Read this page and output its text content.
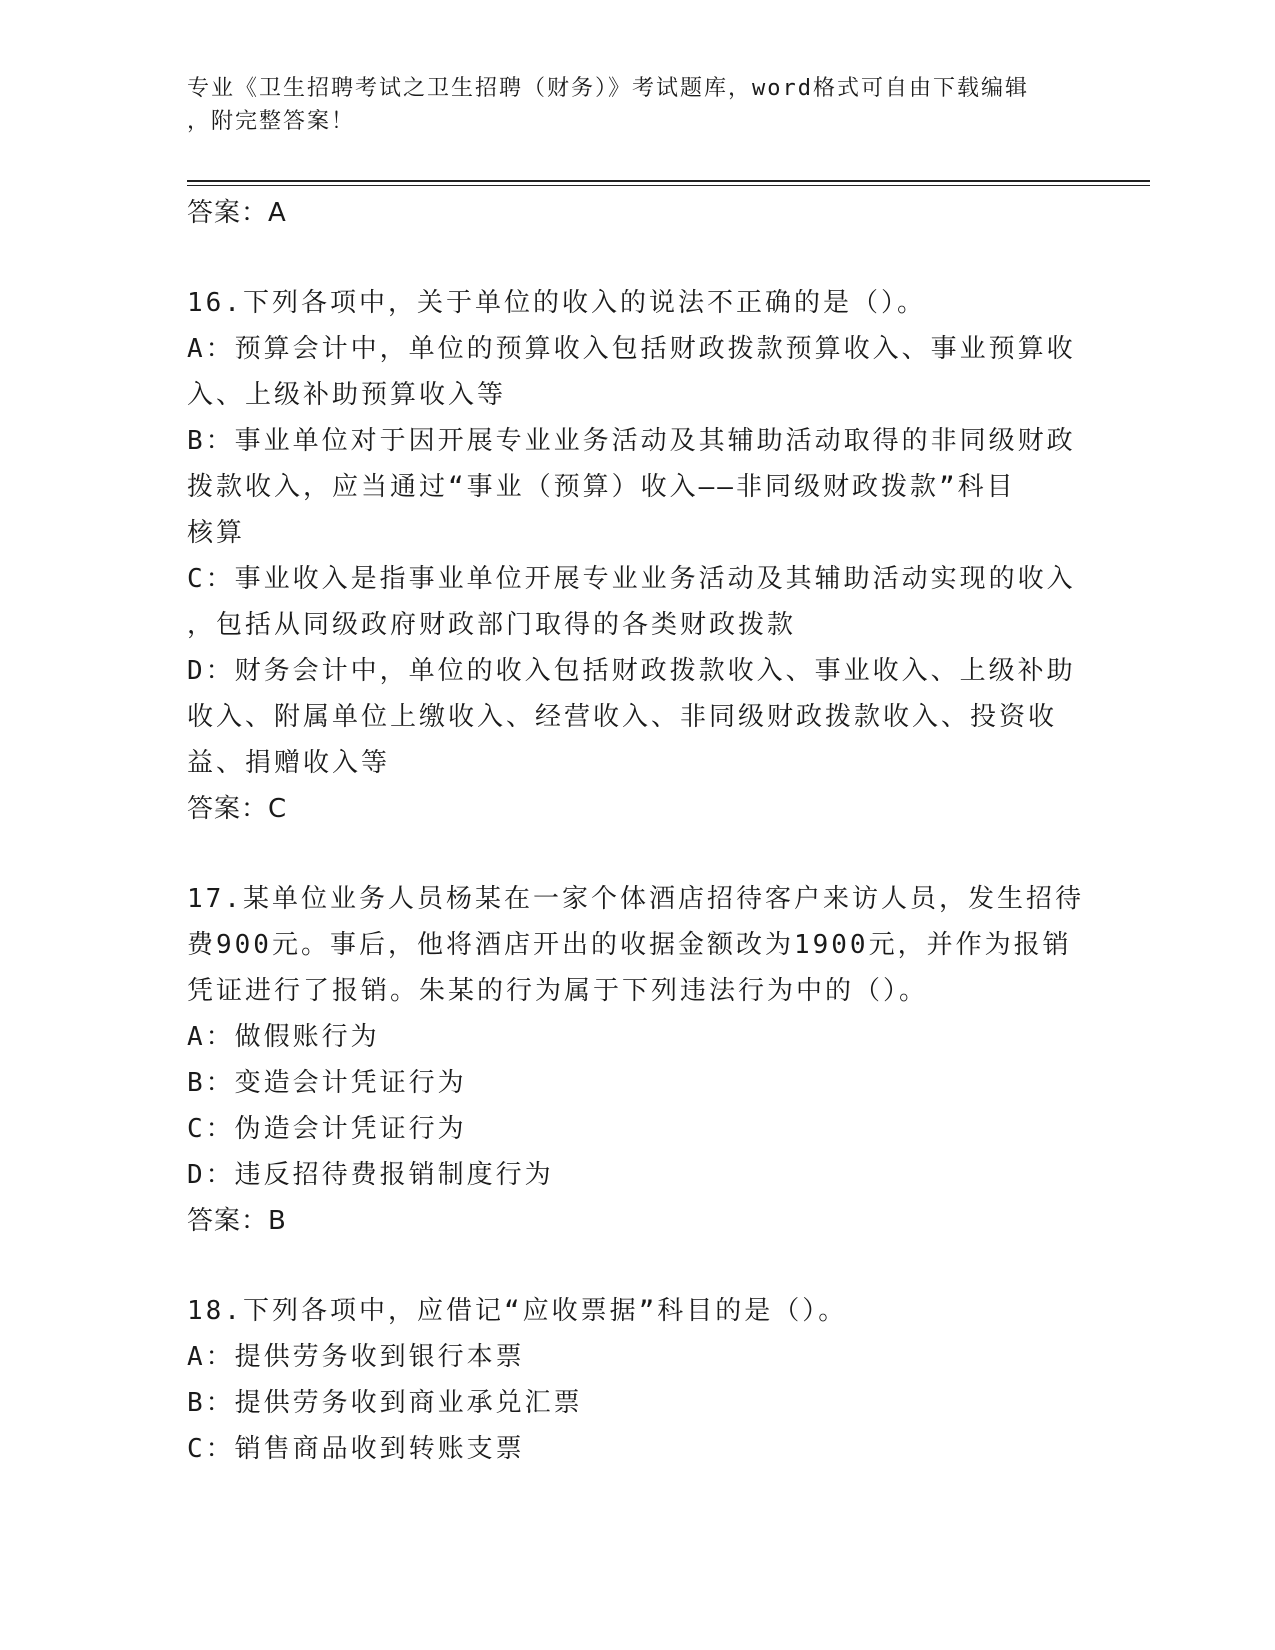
专业《卫生招聘考试之卫生招聘（财务）》考试题库，word格式可自由下载编辑
，附完整答案！
答案：A
16.下列各项中，关于单位的收入的说法不正确的是（）。
A：预算会计中，单位的预算收入包括财政拨款预算收入、事业预算收
入、上级补助预算收入等
B：事业单位对于因开展专业业务活动及其辅助活动取得的非同级财政
拨款收入，应当通过“事业（预算）收入——非同级财政拨款”科目
核算
C：事业收入是指事业单位开展专业业务活动及其辅助活动实现的收入
，包括从同级政府财政部门取得的各类财政拨款
D：财务会计中，单位的收入包括财政拨款收入、事业收入、上级补助
收入、附属单位上缴收入、经营收入、非同级财政拨款收入、投资收
益、捐赠收入等
答案：C
17.某单位业务人员杨某在一家个体酒店招待客户来访人员，发生招待
费900元。事后，他将酒店开出的收据金额改为1900元，并作为报销
凭证进行了报销。朱某的行为属于下列违法行为中的（）。
A：做假账行为
B：变造会计凭证行为
C：伪造会计凭证行为
D：违反招待费报销制度行为
答案：B
18.下列各项中，应借记“应收票据”科目的是（）。
A：提供劳务收到银行本票
B：提供劳务收到商业承兑汇票
C：销售商品收到转账支票
